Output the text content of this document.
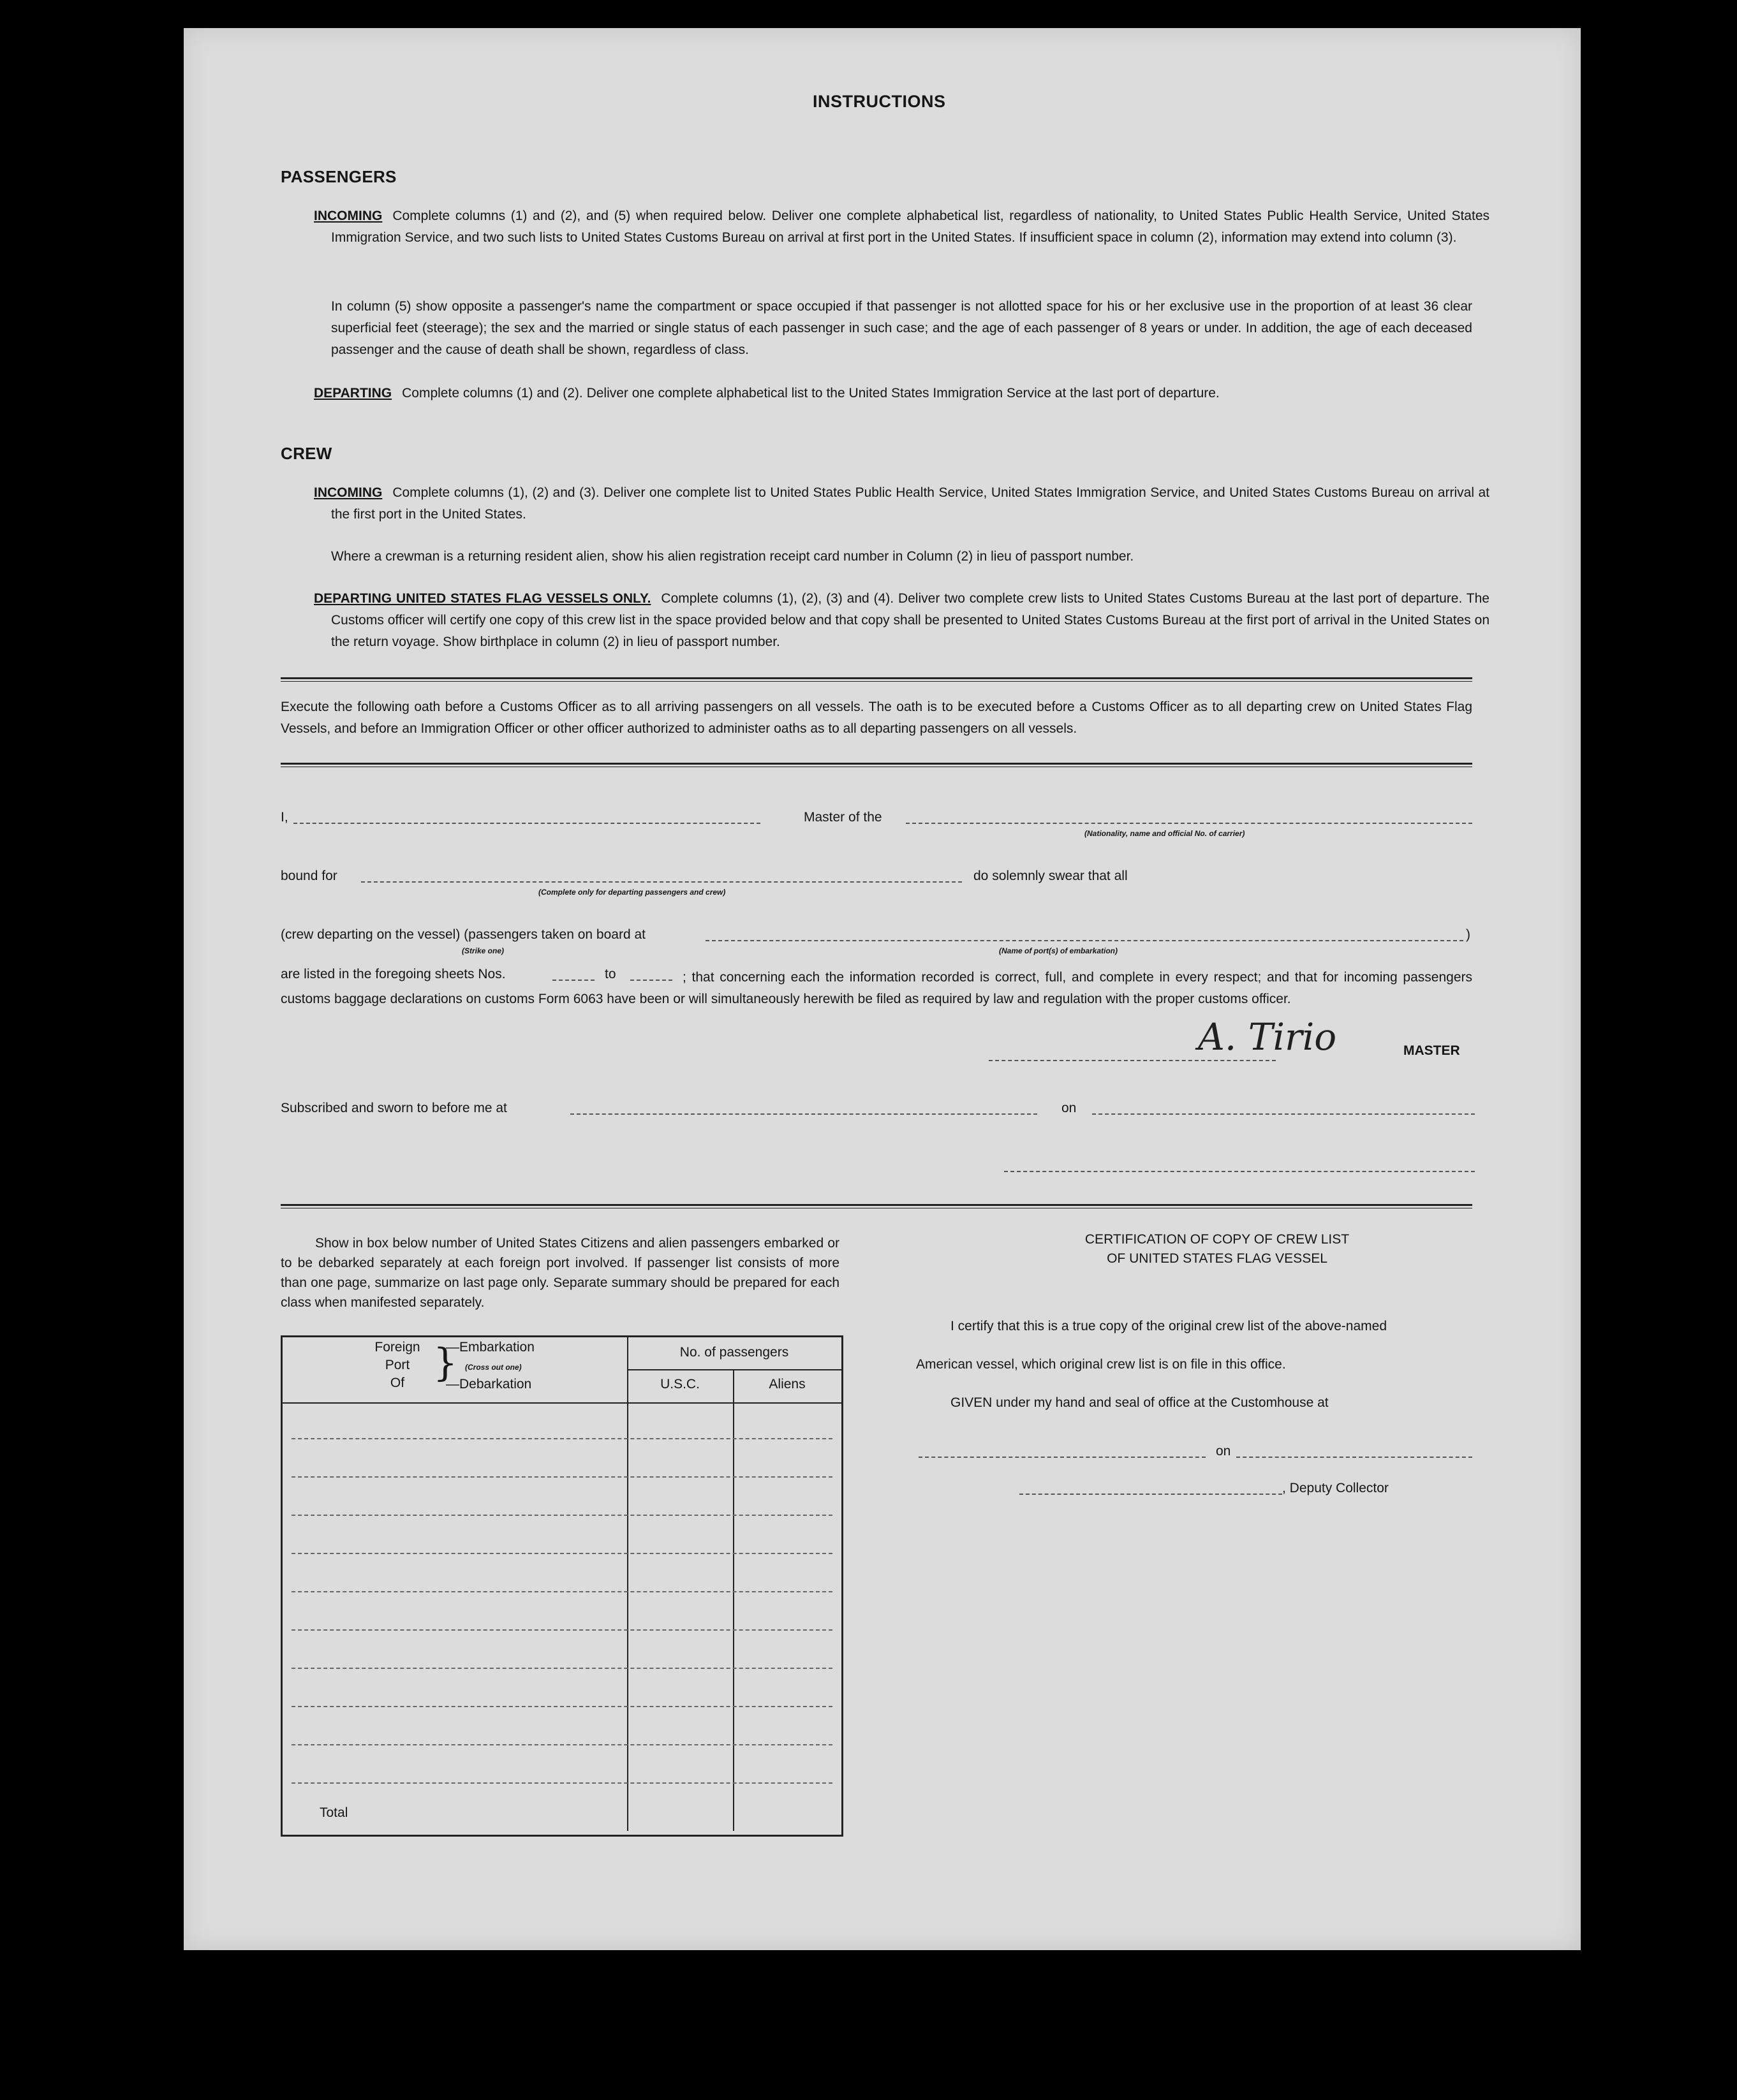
INSTRUCTIONS
PASSENGERS
INCOMING Complete columns (1) and (2), and (5) when required below. Deliver one complete alphabetical list, regardless of nationality, to United States Public Health Service, United States Immigration Service, and two such lists to United States Customs Bureau on arrival at first port in the United States. If insufficient space in column (2), information may extend into column (3).
In column (5) show opposite a passenger's name the compartment or space occupied if that passenger is not allotted space for his or her exclusive use in the proportion of at least 36 clear superficial feet (steerage); the sex and the married or single status of each passenger in such case; and the age of each passenger of 8 years or under. In addition, the age of each deceased passenger and the cause of death shall be shown, regardless of class.
DEPARTING Complete columns (1) and (2). Deliver one complete alphabetical list to the United States Immigration Service at the last port of departure.
CREW
INCOMING Complete columns (1), (2) and (3). Deliver one complete list to United States Public Health Service, United States Immigration Service, and United States Customs Bureau on arrival at the first port in the United States.
Where a crewman is a returning resident alien, show his alien registration receipt card number in Column (2) in lieu of passport number.
DEPARTING UNITED STATES FLAG VESSELS ONLY. Complete columns (1), (2), (3) and (4). Deliver two complete crew lists to United States Customs Bureau at the last port of departure. The Customs officer will certify one copy of this crew list in the space provided below and that copy shall be presented to United States Customs Bureau at the first port of arrival in the United States on the return voyage. Show birthplace in column (2) in lieu of passport number.
Execute the following oath before a Customs Officer as to all arriving passengers on all vessels. The oath is to be executed before a Customs Officer as to all departing crew on United States Flag Vessels, and before an Immigration Officer or other officer authorized to administer oaths as to all departing passengers on all vessels.
I,	Master of the
(Nationality, name and official No. of carrier)
bound for
(Complete only for departing passengers and crew)
do solemnly swear that all
(crew departing on the vessel) (passengers taken on board at	)
(Strike one)	(Name of port(s) of embarkation)
are listed in the foregoing sheets Nos.	to	; that concerning each the information recorded is correct, full, and complete in every respect; and that for incoming passengers customs baggage declarations on customs Form 6063 have been or will simultaneously herewith be filed as required by law and regulation with the proper customs officer.
A. Tirio	MASTER
Subscribed and sworn to before me at	on
Show in box below number of United States Citizens and alien passengers embarked or to be debarked separately at each foreign port involved. If passenger list consists of more than one page, summarize on last page only. Separate summary should be prepared for each class when manifested separately.
Foreign
Port
Of }
—Embarkation
(Cross out one)
—Debarkation
No. of passengers
U.S.C.	Aliens
Total
CERTIFICATION OF COPY OF CREW LIST
OF UNITED STATES FLAG VESSEL
I certify that this is a true copy of the original crew list of the above-named
American vessel, which original crew list is on file in this office.
GIVEN under my hand and seal of office at the Customhouse at
on
, Deputy Collector
